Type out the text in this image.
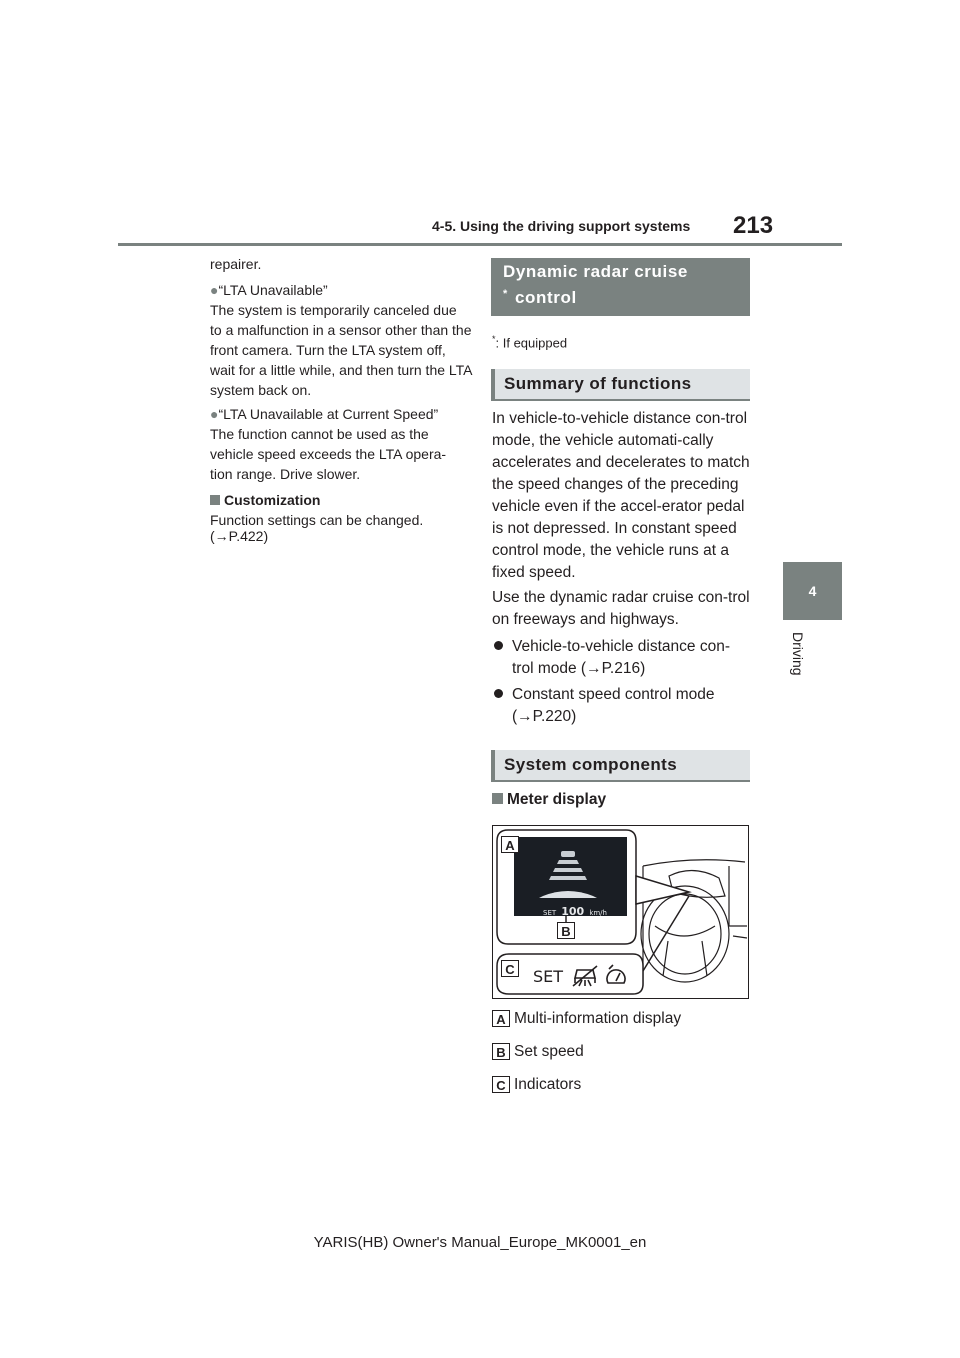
4-5. Using the driving support systems 213
4
Driving
repairer.
●“LTA Unavailable”
The system is temporarily canceled due to a malfunction in a sensor other than the front camera. Turn the LTA system off, wait for a little while, and then turn the LTA system back on.
●“LTA Unavailable at Current Speed”
The function cannot be used as the vehicle speed exceeds the LTA opera-tion range. Drive slower.
Customization
Function settings can be changed.
(→P.422)
Dynamic radar cruise
control
*
*: If equipped
Summary of functions
In vehicle-to-vehicle distance con-trol mode, the vehicle automati-cally accelerates and decelerates to match the speed changes of the preceding vehicle even if the accel-erator pedal is not depressed. In constant speed control mode, the vehicle runs at a fixed speed.
Use the dynamic radar cruise con-trol on freeways and highways.
Vehicle-to-vehicle distance con-
trol mode (→P.216)
Constant speed control mode
(→P.220)
System components
Meter display
A
B
C
SET 100 km/h
SET
A Multi-information display
B Set speed
C Indicators
YARIS(HB) Owner's Manual_Europe_MK0001_en
